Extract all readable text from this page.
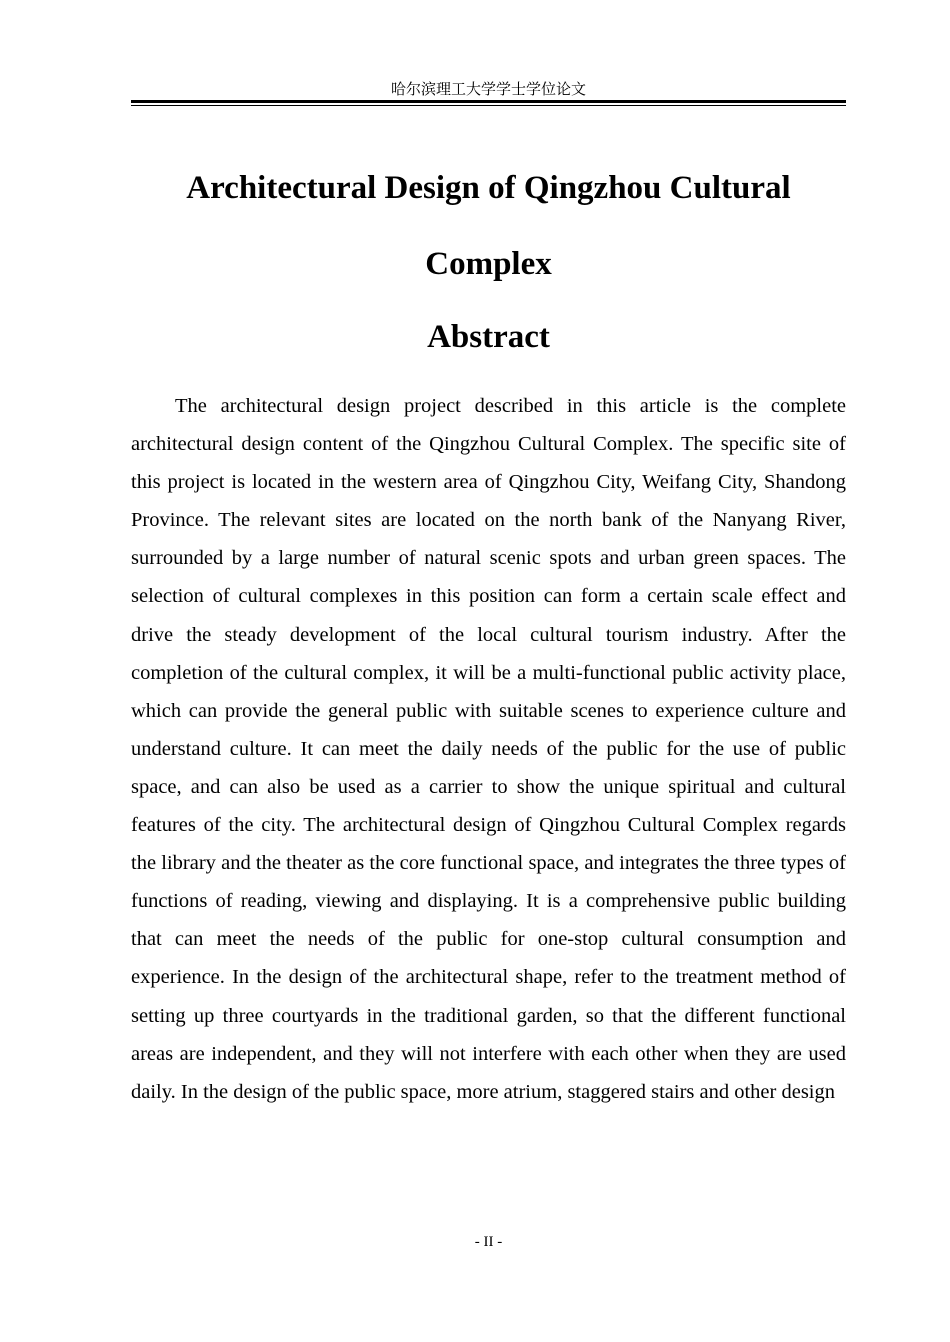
哈尔滨理工大学学士学位论文
Architectural Design of Qingzhou Cultural Complex
Abstract

The architectural design project described in this article is the complete architectural design content of the Qingzhou Cultural Complex. The specific site of this project is located in the western area of Qingzhou City, Weifang City, Shandong Province. The relevant sites are located on the north bank of the Nanyang River, surrounded by a large number of natural scenic spots and urban green spaces. The selection of cultural complexes in this position can form a certain scale effect and drive the steady development of the local cultural tourism industry. After the completion of the cultural complex, it will be a multi-functional public activity place, which can provide the general public with suitable scenes to experience culture and understand culture. It can meet the daily needs of the public for the use of public space, and can also be used as a carrier to show the unique spiritual and cultural features of the city. The architectural design of Qingzhou Cultural Complex regards the library and the theater as the core functional space, and integrates the three types of functions of reading, viewing and displaying. It is a comprehensive public building that can meet the needs of the public for one-stop cultural consumption and experience. In the design of the architectural shape, refer to the treatment method of setting up three courtyards in the traditional garden, so that the different functional areas are independent, and they will not interfere with each other when they are used daily. In the design of the public space, more atrium, staggered stairs and other design

- II -
